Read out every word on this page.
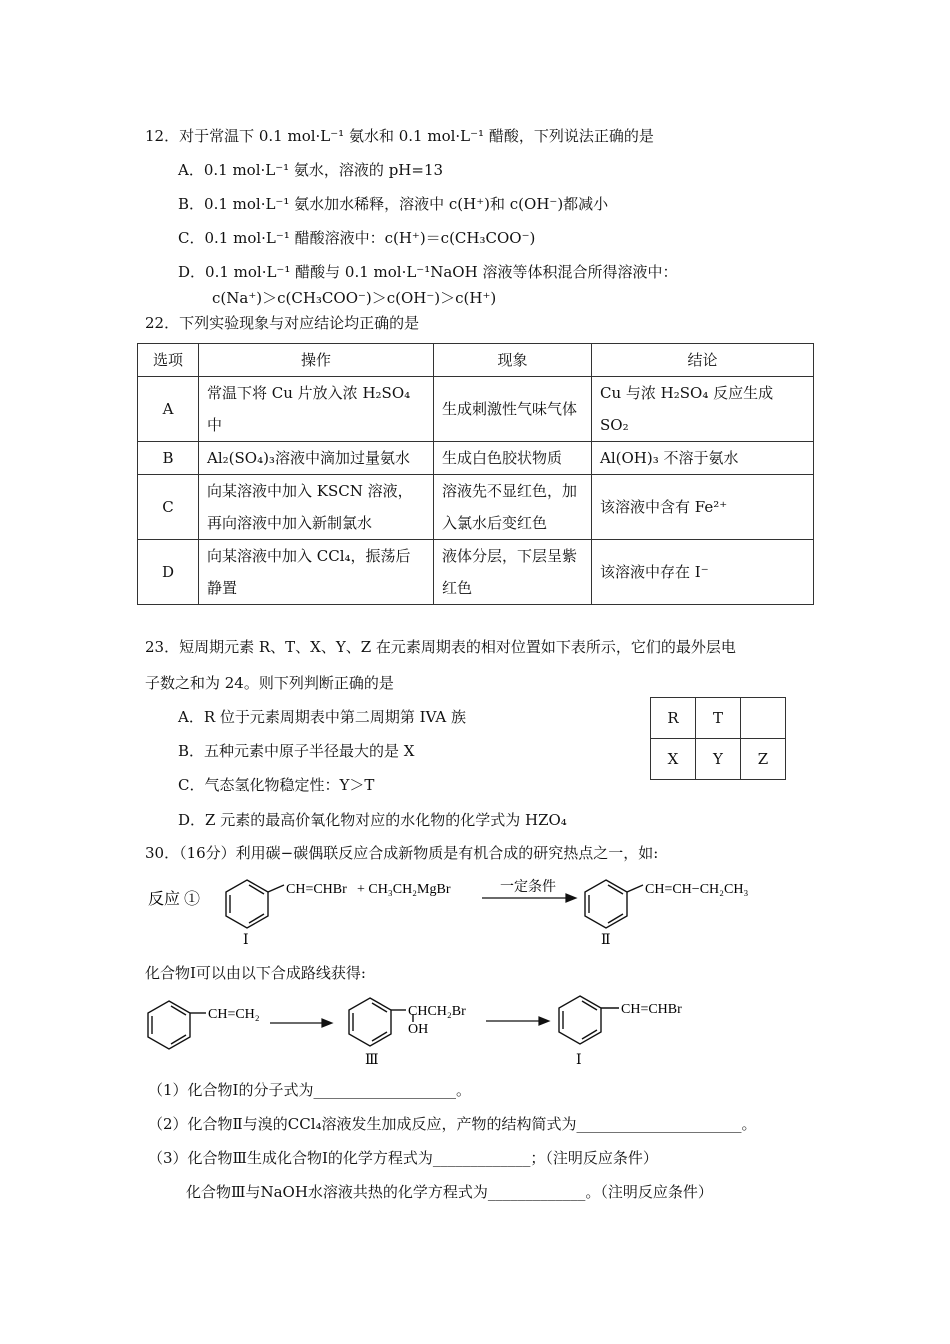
12．对于常温下 0.1 mol·L⁻¹ 氨水和 0.1 mol·L⁻¹ 醋酸，下列说法正确的是
A．0.1 mol·L⁻¹ 氨水，溶液的 pH=13
B．0.1 mol·L⁻¹ 氨水加水稀释，溶液中 c(H⁺)和 c(OH⁻)都减小
C．0.1 mol·L⁻¹ 醋酸溶液中：c(H⁺)＝c(CH₃COO⁻)
D．0.1 mol·L⁻¹ 醋酸与 0.1 mol·L⁻¹NaOH 溶液等体积混合所得溶液中：
c(Na⁺)＞c(CH₃COO⁻)＞c(OH⁻)＞c(H⁺)
22．下列实验现象与对应结论均正确的是
选项	操作	现象	结论
A	常温下将 Cu 片放入浓 H₂SO₄ 中	生成刺激性气味气体	Cu 与浓 H₂SO₄ 反应生成 SO₂
B	Al₂(SO₄)₃溶液中滴加过量氨水	生成白色胶状物质	Al(OH)₃ 不溶于氨水
C	向某溶液中加入 KSCN 溶液，再向溶液中加入新制氯水	溶液先不显红色，加入氯水后变红色	该溶液中含有 Fe²⁺
D	向某溶液中加入 CCl₄，振荡后静置	液体分层，下层呈紫红色	该溶液中存在 I⁻
23．短周期元素 R、T、X、Y、Z 在元素周期表的相对位置如下表所示，它们的最外层电
子数之和为 24。则下列判断正确的是
A．R 位于元素周期表中第二周期第 IVA 族
B．五种元素中原子半径最大的是 X
C．气态氢化物稳定性：Y＞T
D．Z 元素的最高价氧化物对应的水化物的化学式为 HZO₄
R	T	
X	Y	Z
30．（16分）利用碳−碳偶联反应合成新物质是有机合成的研究热点之一，如:
反应 ①
CH=CHBr + CH₃CH₂MgBr
Ⅰ
一定条件	CH=CH−CH₂CH₃
Ⅱ
CH=CH₂	CHCH₂Br
OH
Ⅲ
CH=CHBr
Ⅰ
化合物Ⅰ可以由以下合成路线获得:
（1）化合物Ⅰ的分子式为___________________。
（2）化合物Ⅱ与溴的CCl₄溶液发生加成反应，产物的结构简式为______________________。
（3）化合物Ⅲ生成化合物Ⅰ的化学方程式为_____________；（注明反应条件）
化合物Ⅲ与NaOH水溶液共热的化学方程式为_____________。（注明反应条件）
